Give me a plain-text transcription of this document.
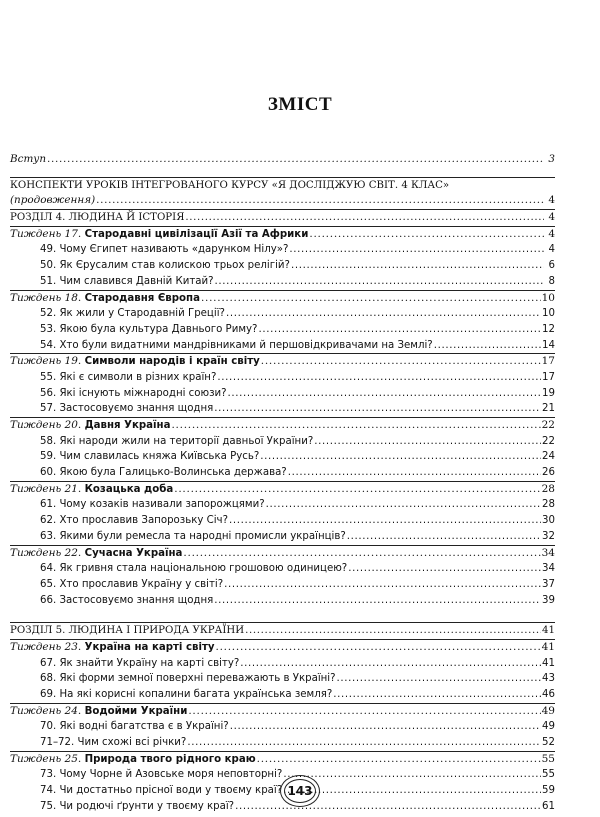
ЗМІСТ
Вступ . . .	3
КОНСПЕКТИ УРОКІВ ІНТЕГРОВАНОГО КУРСУ «Я ДОСЛІДЖУЮ СВІТ. 4 КЛАС»
(продовження) . . .	4
РОЗДІЛ 4. ЛЮДИНА Й ІСТОРІЯ . . .	4
Тиждень 17. Стародавні цивілізації Азії та Африки . . .	4
49. Чому Єгипет називають «дарунком Нілу»? . . .	4
50. Як Єрусалим став колискою трьох релігій? . . .	6
51. Чим славився Давній Китай? . . .	8
Тиждень 18. Стародавня Європа . . .	10
52. Як жили у Стародавній Греції? . . .	10
53. Якою була культура Давнього Риму? . . .	12
54. Хто були видатними мандрівниками й першовідкривачами на Землі? . . .	14
Тиждень 19. Символи народів і країн світу . . .	17
55. Які є символи в різних країн? . . .	17
56. Які існують міжнародні союзи? . . .	19
57. Застосовуємо знання щодня . . .	21
Тиждень 20. Давня Україна . . .	22
58. Які народи жили на території давньої України? . . .	22
59. Чим славилась княжа Київська Русь? . . .	24
60. Якою була Галицько-Волинська держава? . . .	26
Тиждень 21. Козацька доба . . .	28
61. Чому козаків називали запорожцями? . . .	28
62. Хто прославив Запорозьку Січ? . . .	30
63. Якими були ремесла та народні промисли українців? . . .	32
Тиждень 22. Сучасна Україна . . .	34
64. Як гривня стала національною грошовою одиницею? . . .	34
65. Хто прославив Україну у світі? . . .	37
66. Застосовуємо знання щодня . . .	39
РОЗДІЛ 5. ЛЮДИНА І ПРИРОДА УКРАЇНИ . . .	41
Тиждень 23. Україна на карті світу . . .	41
67. Як знайти Україну на карті світу? . . .	41
68. Які форми земної поверхні переважають в Україні? . . .	43
69. На які корисні копалини багата українська земля? . . .	46
Тиждень 24. Водойми України . . .	49
70. Які водні багатства є в Україні? . . .	49
71–72. Чим схожі всі річки? . . .	52
Тиждень 25. Природа твого рідного краю . . .	55
73. Чому Чорне й Азовське моря неповторні? . . .	55
74. Чи достатньо прісної води у твоєму краї? . . .	59
75. Чи родючі ґрунти у твоєму краї? . . .	61
143
